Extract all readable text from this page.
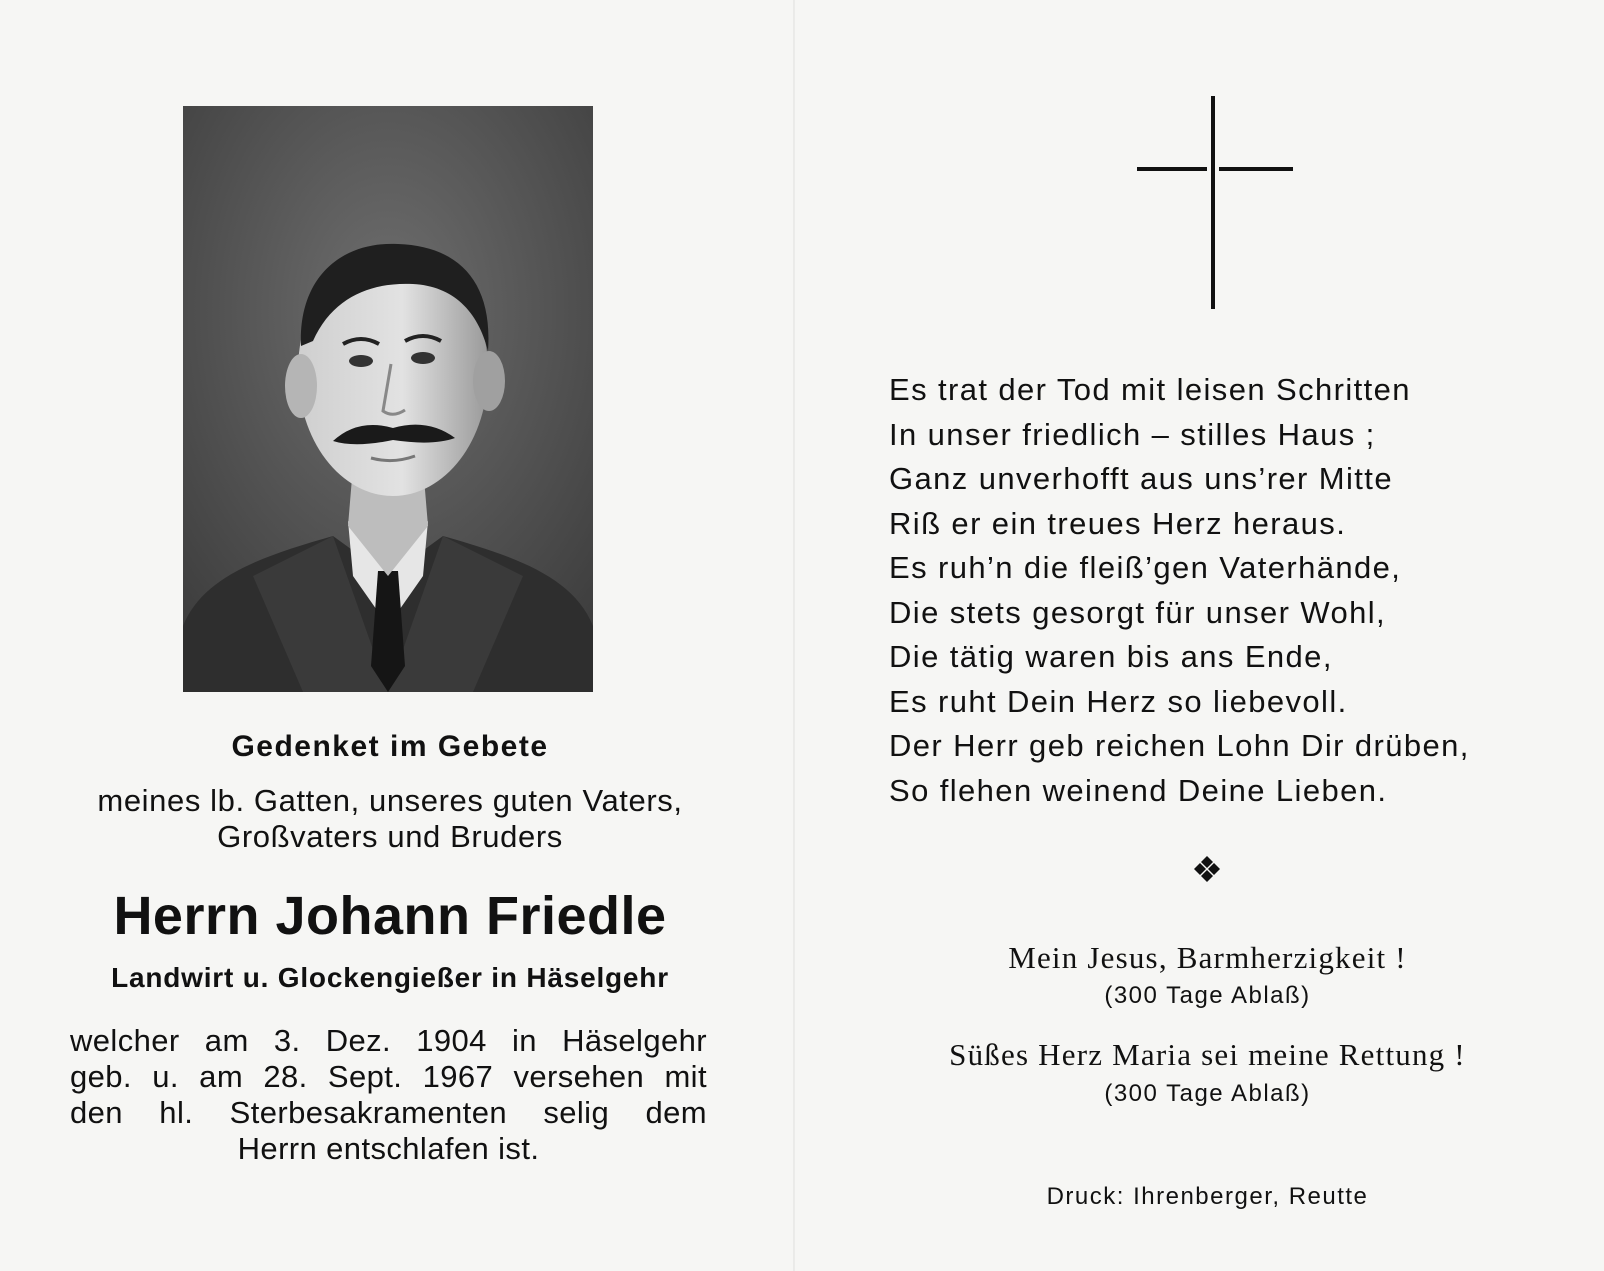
Gedenket im Gebete
meines lb. Gatten, unseres guten Vaters,
Großvaters und Bruders
Herrn Johann Friedle
Landwirt u. Glockengießer in Häselgehr
welcher am 3. Dez. 1904 in Häselgehr
geb. u. am 28. Sept. 1967 versehen mit
den hl. Sterbesakramenten selig dem
Herrn entschlafen ist.
Es trat der Tod mit leisen Schritten
In unser friedlich – stilles Haus ;
Ganz unverhofft aus uns’rer Mitte
Riß er ein treues Herz heraus.
Es ruh’n die fleiß’gen Vaterhände,
Die stets gesorgt für unser Wohl,
Die tätig waren bis ans Ende,
Es ruht Dein Herz so liebevoll.
Der Herr geb reichen Lohn Dir drüben,
So flehen weinend Deine Lieben.
Mein Jesus, Barmherzigkeit !
(300 Tage Ablaß)
Süßes Herz Maria sei meine Rettung !
(300 Tage Ablaß)
Druck: Ihrenberger, Reutte
